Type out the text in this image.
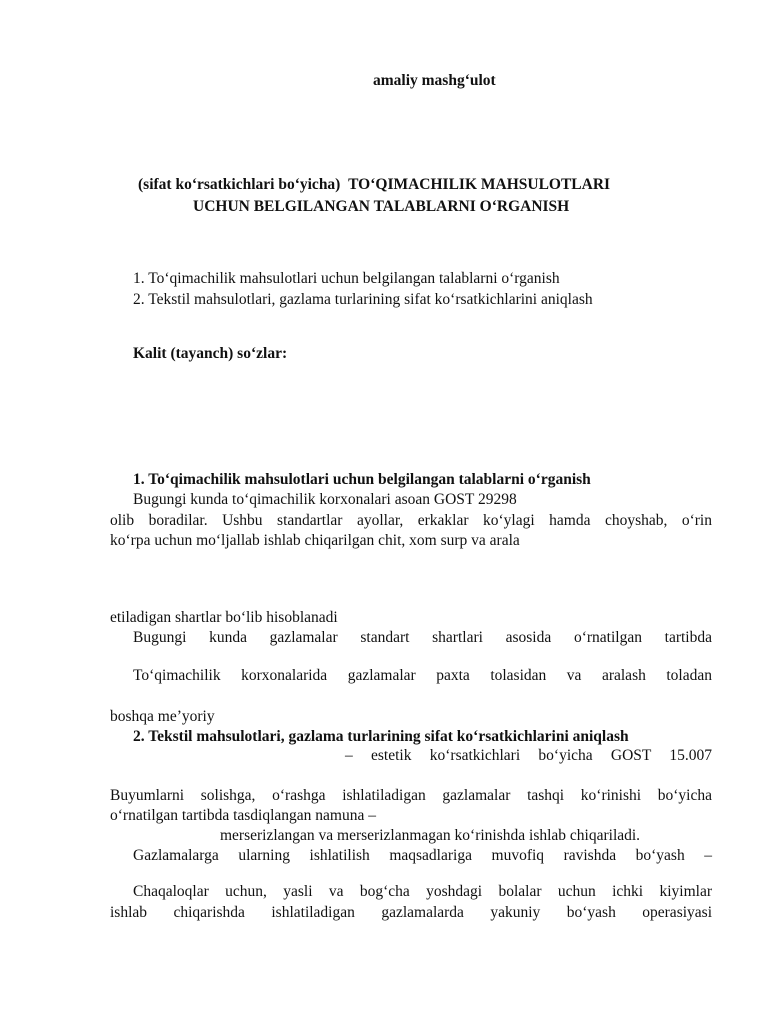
amaliy mashg‘ulot
(sifat ko‘rsatkichlari bo‘yicha) TO‘QIMACHILIK MAHSULOTLARI
UCHUN BELGILANGAN TALABLARNI O‘RGANISH
1. To‘qimachilik mahsulotlari uchun belgilangan talablarni o‘rganish
2. Tekstil mahsulotlari, gazlama turlarining sifat ko‘rsatkichlarini aniqlash
Kalit (tayanch) so‘zlar:
1. To‘qimachilik mahsulotlari uchun belgilangan talablarni o‘rganish
Bugungi kunda to‘qimachilik korxonalari asoan GOST 29298
olib boradilar. Ushbu standartlar ayollar, erkaklar ko‘ylagi hamda choyshab, o‘rin
ko‘rpa uchun mo‘ljallab ishlab chiqarilgan chit, xom surp va arala
etiladigan shartlar bo‘lib hisoblanadi
Bugungi kunda gazlamalar standart shartlari asosida o‘rnatilgan tartibda
To‘qimachilik korxonalarida gazlamalar paxta tolasidan va aralash toladan
boshqa me’yoriy
2. Tekstil mahsulotlari, gazlama turlarining sifat ko‘rsatkichlarini aniqlash
– estetik ko‘rsatkichlari bo‘yicha GOST 15.007
Buyumlarni solishga, o‘rashga ishlatiladigan gazlamalar tashqi ko‘rinishi bo‘yicha
o‘rnatilgan tartibda tasdiqlangan namuna –
merserizlangan va merserizlanmagan ko‘rinishda ishlab chiqariladi.
Gazlamalarga ularning ishlatilish maqsadlariga muvofiq ravishda bo‘yash –
Chaqaloqlar uchun, yasli va bog‘cha yoshdagi bolalar uchun ichki kiyimlar
ishlab chiqarishda ishlatiladigan gazlamalarda yakuniy bo‘yash operasiyasi
